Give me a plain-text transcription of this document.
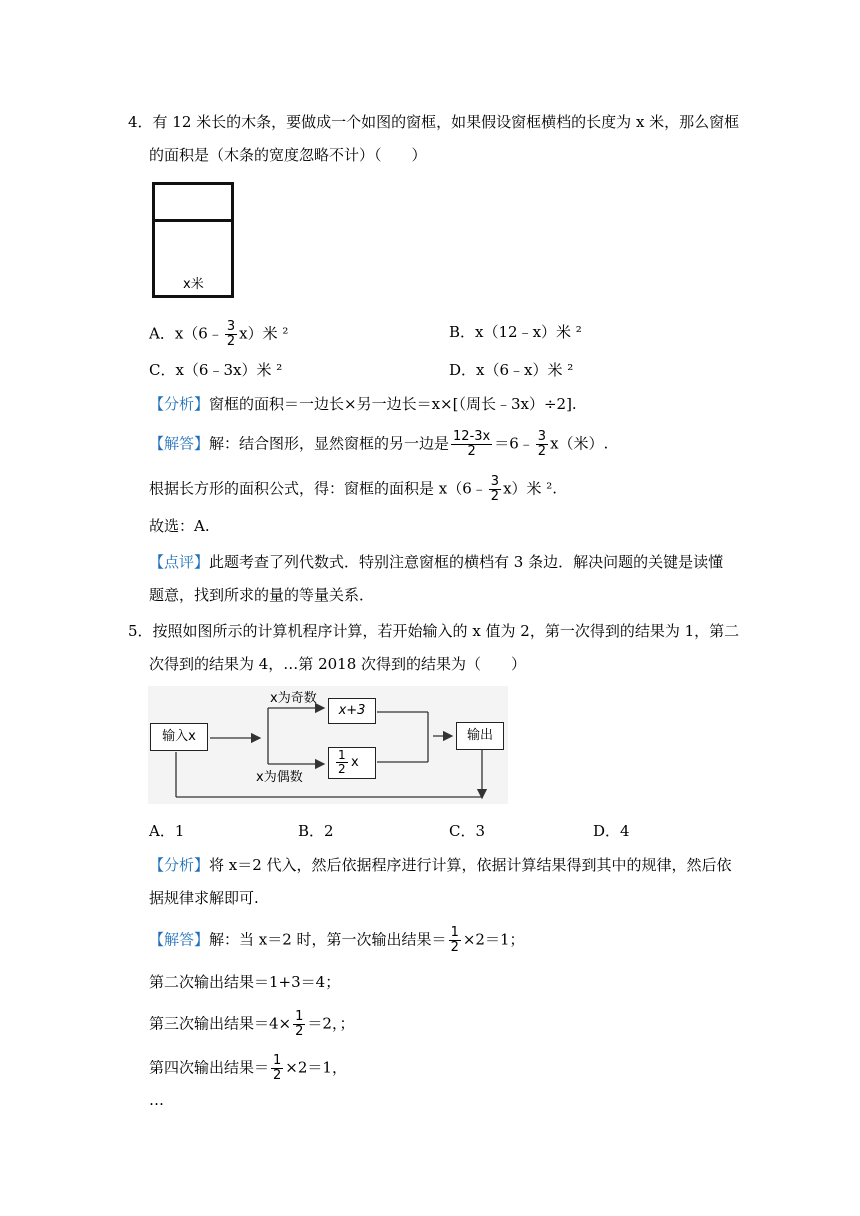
4．有 12 米长的木条，要做成一个如图的窗框，如果假设窗框横档的长度为 x 米，那么窗框
的面积是（木条的宽度忽略不计）（　　）
x米
A．x（6﹣ $\frac{3}{2} x$）米 ²	B．x（12﹣x）米 ²
C．x（6﹣3x）米 ²	D．x（6﹣x）米 ²
【分析】窗框的面积＝一边长×另一边长＝x×[（周长﹣3x）÷2].
【解答】解：结合图形，显然窗框的另一边是 $\frac{12-3x}{2}$ ＝6﹣ $\frac{3}{2} x$（米）.
根据长方形的面积公式，得：窗框的面积是 x（6﹣ $\frac{3}{2} x$）米 ².
故选：A.
【点评】此题考查了列代数式．特别注意窗框的横档有 3 条边．解决问题的关键是读懂
题意，找到所求的量的等量关系．
5．按照如图所示的计算机程序计算，若开始输入的 x 值为 2，第一次得到的结果为 1，第二
次得到的结果为 4，…第 2018 次得到的结果为（　　）
输入x
x为奇数
x为偶数
x+3
$\frac{1}{2}$ x
输出
A．1	B．2	C．3	D．4
【分析】将 x＝2 代入，然后依据程序进行计算，依据计算结果得到其中的规律，然后依
据规律求解即可.
【解答】解：当 x＝2 时，第一次输出结果＝ $\frac{1}{2} \times 2=1$；
第二次输出结果＝1+3＝4；
第三次输出结果$=4\times \frac{1}{2} =2$，；
第四次输出结果＝ $\frac{1}{2} \times 2=1$，
…
